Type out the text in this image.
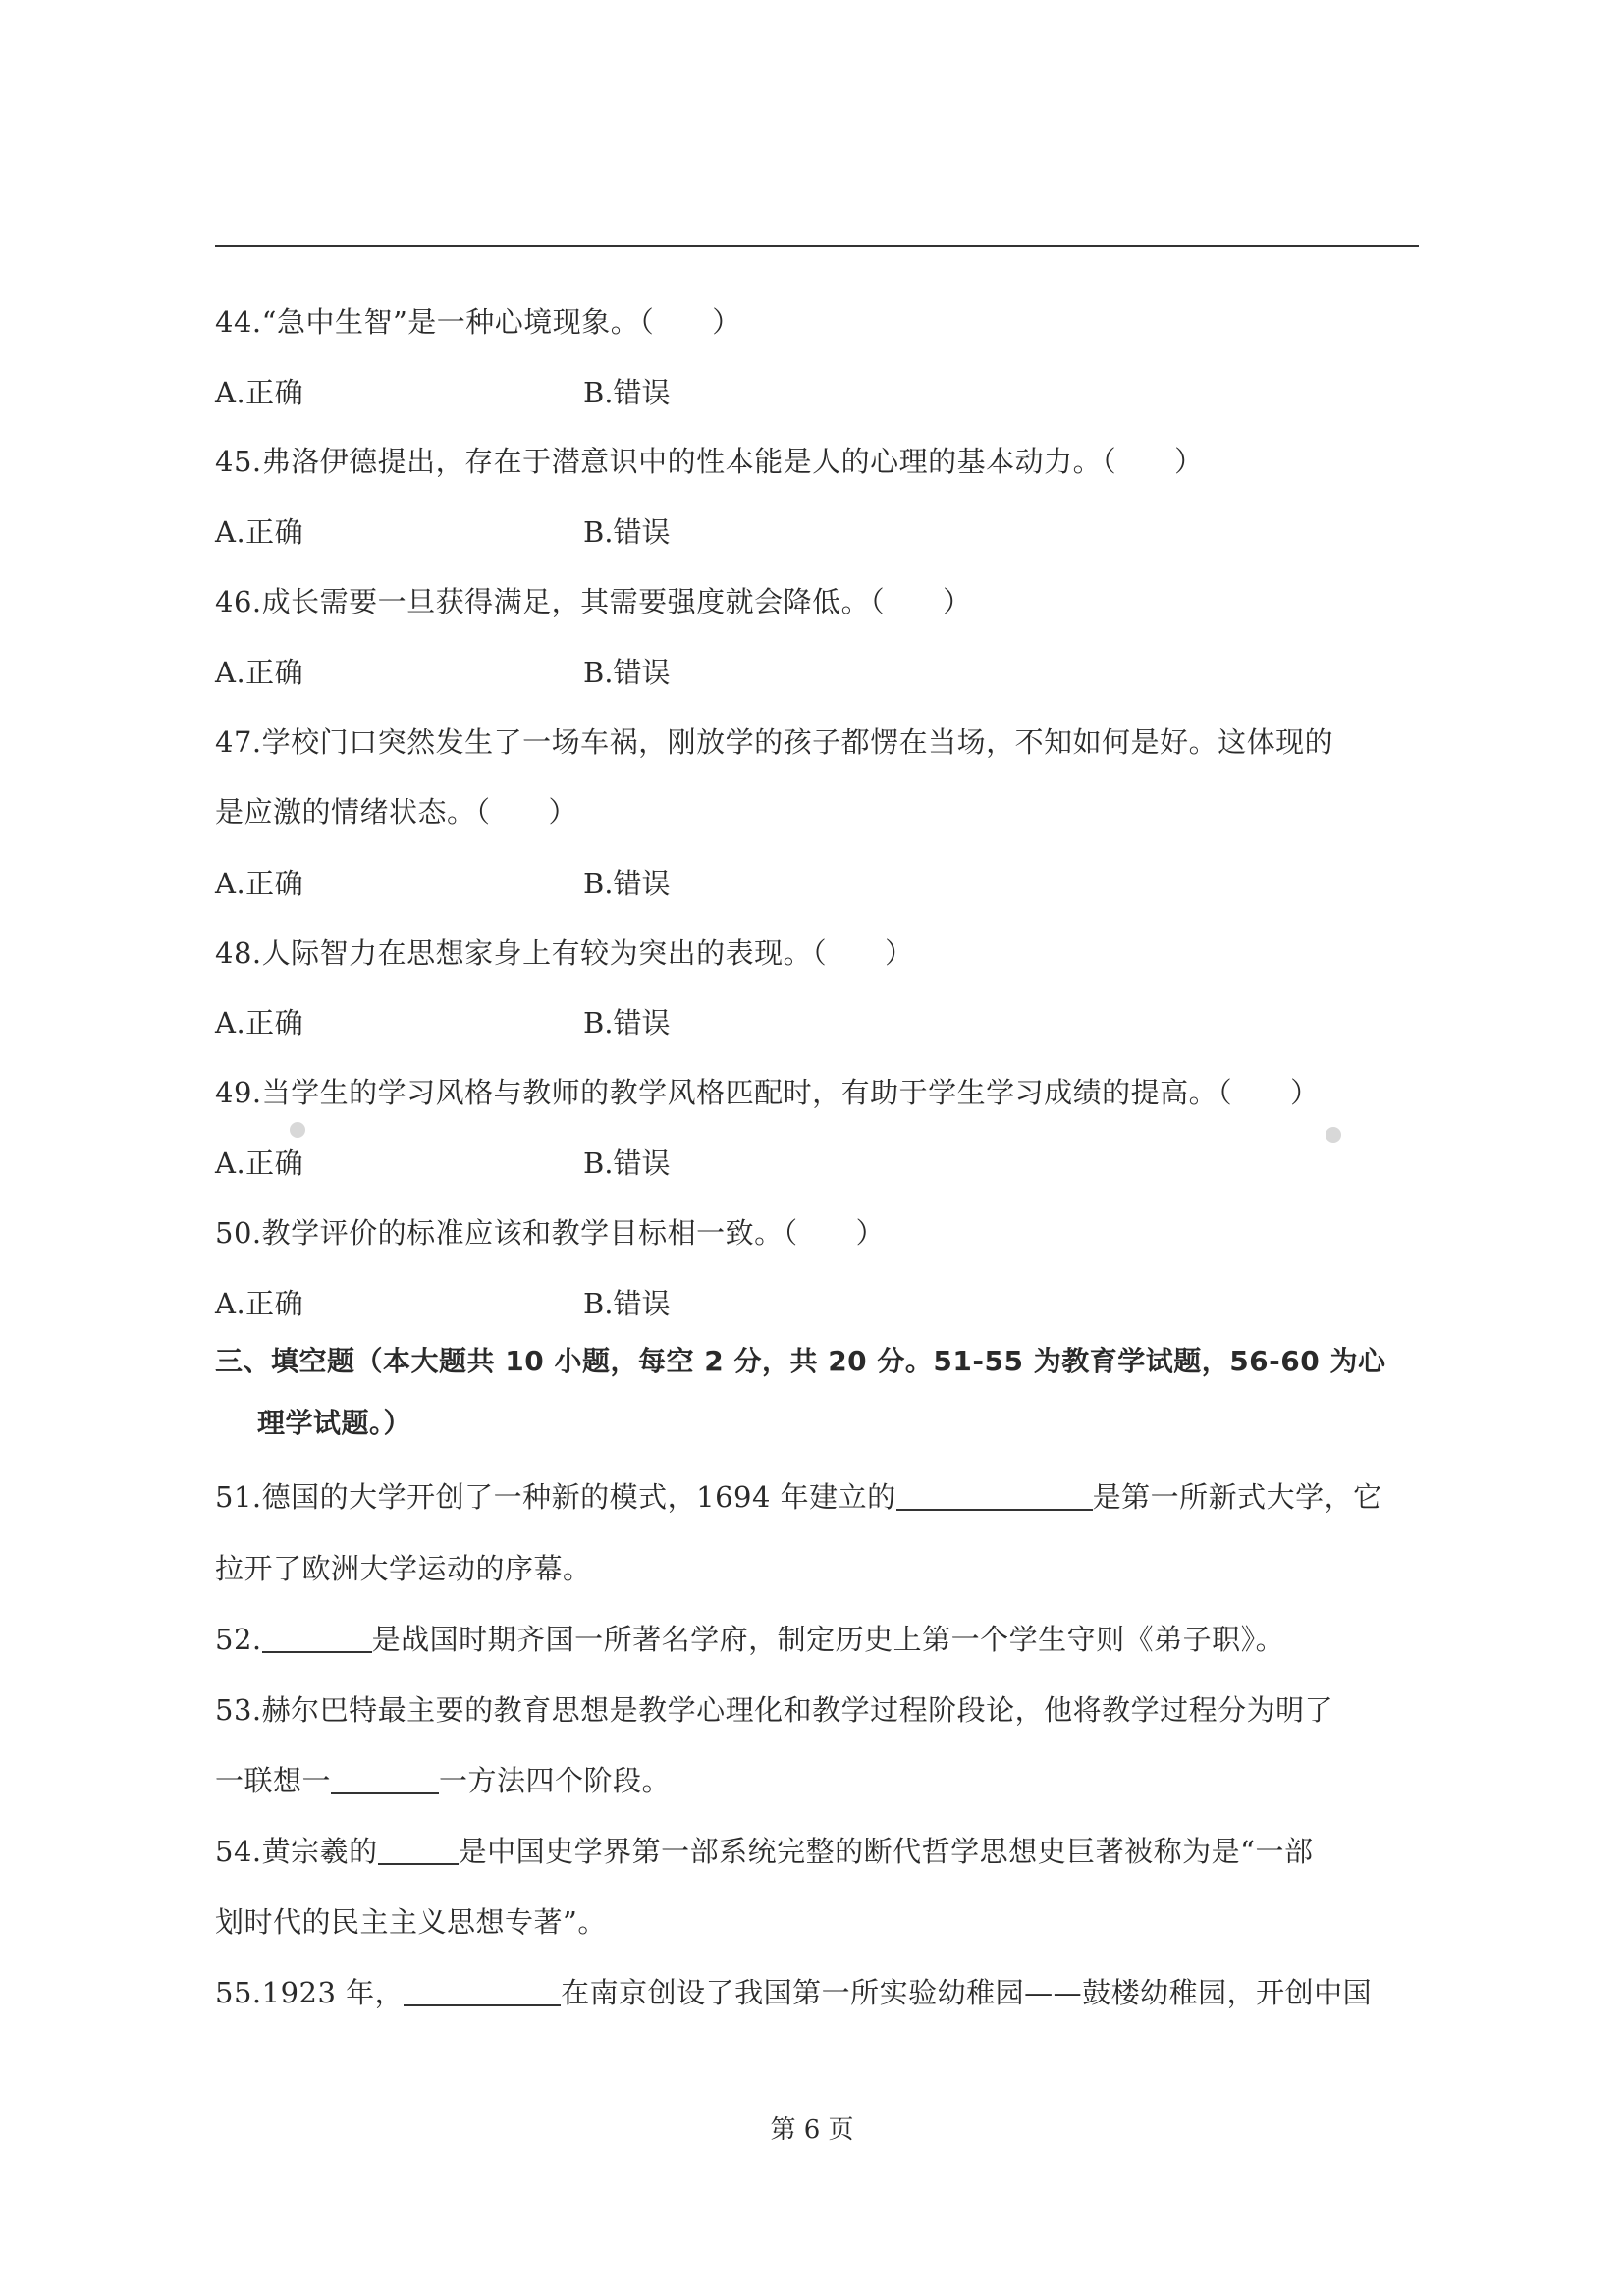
44.“急中生智”是一种心境现象。（　　）
A.正确	B.错误
45.弗洛伊德提出，存在于潜意识中的性本能是人的心理的基本动力。（　　）
A.正确	B.错误
46.成长需要一旦获得满足，其需要强度就会降低。（　　）
A.正确	B.错误
47.学校门口突然发生了一场车祸，刚放学的孩子都愣在当场，不知如何是好。这体现的
是应激的情绪状态。（　　）
A.正确	B.错误
48.人际智力在思想家身上有较为突出的表现。（　　）
A.正确	B.错误
49.当学生的学习风格与教师的教学风格匹配时，有助于学生学习成绩的提高。（　　）
A.正确	B.错误
50.教学评价的标准应该和教学目标相一致。（　　）
A.正确	B.错误
三、填空题（本大题共 10 小题，每空 2 分，共 20 分。51-55 为教育学试题，56-60 为心
理学试题。）
51.德国的大学开创了一种新的模式，1694 年建立的	是第一所新式大学，它
拉开了欧洲大学运动的序幕。
52.	是战国时期齐国一所著名学府，制定历史上第一个学生守则《弟子职》。
53.赫尔巴特最主要的教育思想是教学心理化和教学过程阶段论，他将教学过程分为明了
一联想一	一方法四个阶段。
54.黄宗羲的	是中国史学界第一部系统完整的断代哲学思想史巨著被称为是“一部
划时代的民主主义思想专著”。
55.1923 年，	在南京创设了我国第一所实验幼稚园——鼓楼幼稚园，开创中国
第 6 页
